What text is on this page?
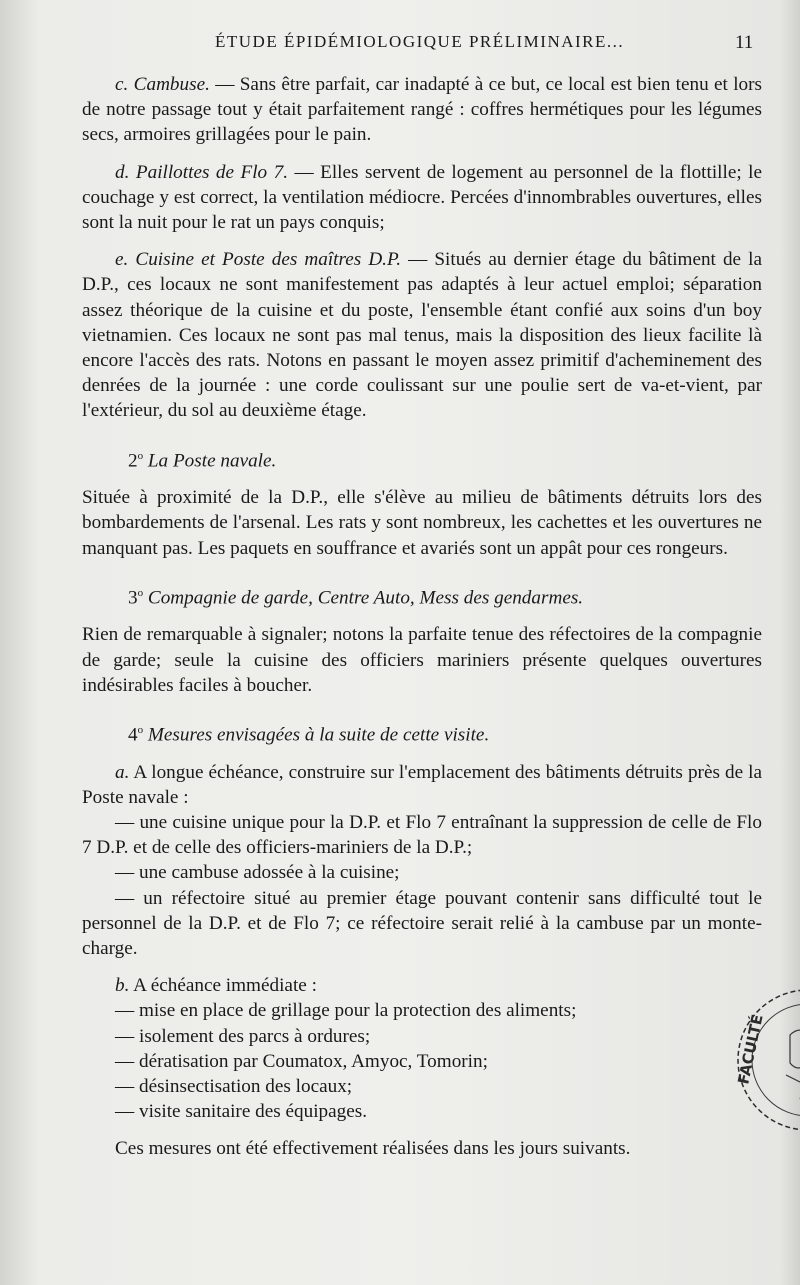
ÉTUDE ÉPIDÉMIOLOGIQUE PRÉLIMINAIRE...	11

c. Cambuse. — Sans être parfait, car inadapté à ce but, ce local est bien tenu et lors de notre passage tout y était parfaitement rangé : coffres hermétiques pour les légumes secs, armoires grillagées pour le pain.

d. Paillottes de Flo 7. — Elles servent de logement au personnel de la flottille; le couchage y est correct, la ventilation médiocre. Percées d'innombrables ouvertures, elles sont la nuit pour le rat un pays conquis;

e. Cuisine et Poste des maîtres D.P. — Situés au dernier étage du bâtiment de la D.P., ces locaux ne sont manifestement pas adaptés à leur actuel emploi; séparation assez théorique de la cuisine et du poste, l'ensemble étant confié aux soins d'un boy vietnamien. Ces locaux ne sont pas mal tenus, mais la disposition des lieux facilite là encore l'accès des rats. Notons en passant le moyen assez primitif d'acheminement des denrées de la journée : une corde coulissant sur une poulie sert de va-et-vient, par l'extérieur, du sol au deuxième étage.

2$^o$ La Poste navale.

Située à proximité de la D.P., elle s'élève au milieu de bâtiments détruits lors des bombardements de l'arsenal. Les rats y sont nombreux, les cachettes et les ouvertures ne manquant pas. Les paquets en souffrance et avariés sont un appât pour ces rongeurs.

3$^o$ Compagnie de garde, Centre Auto, Mess des gendarmes.

Rien de remarquable à signaler; notons la parfaite tenue des réfectoires de la compagnie de garde; seule la cuisine des officiers mariniers présente quelques ouvertures indésirables faciles à boucher.

4$^o$ Mesures envisagées à la suite de cette visite.

a. A longue échéance, construire sur l'emplacement des bâtiments détruits près de la Poste navale :

— une cuisine unique pour la D.P. et Flo 7 entraînant la suppression de celle de Flo 7 D.P. et de celle des officiers-mariniers de la D.P.;

— une cambuse adossée à la cuisine;

— un réfectoire situé au premier étage pouvant contenir sans difficulté tout le personnel de la D.P. et de Flo 7; ce réfectoire serait relié à la cambuse par un monte-charge.

b. A échéance immédiate :

— mise en place de grillage pour la protection des aliments;

— isolement des parcs à ordures;

— dératisation par Coumatox, Amyoc, Tomorin;

— désinsectisation des locaux;

— visite sanitaire des équipages.

Ces mesures ont été effectivement réalisées dans les jours suivants.

FACULTÉ
